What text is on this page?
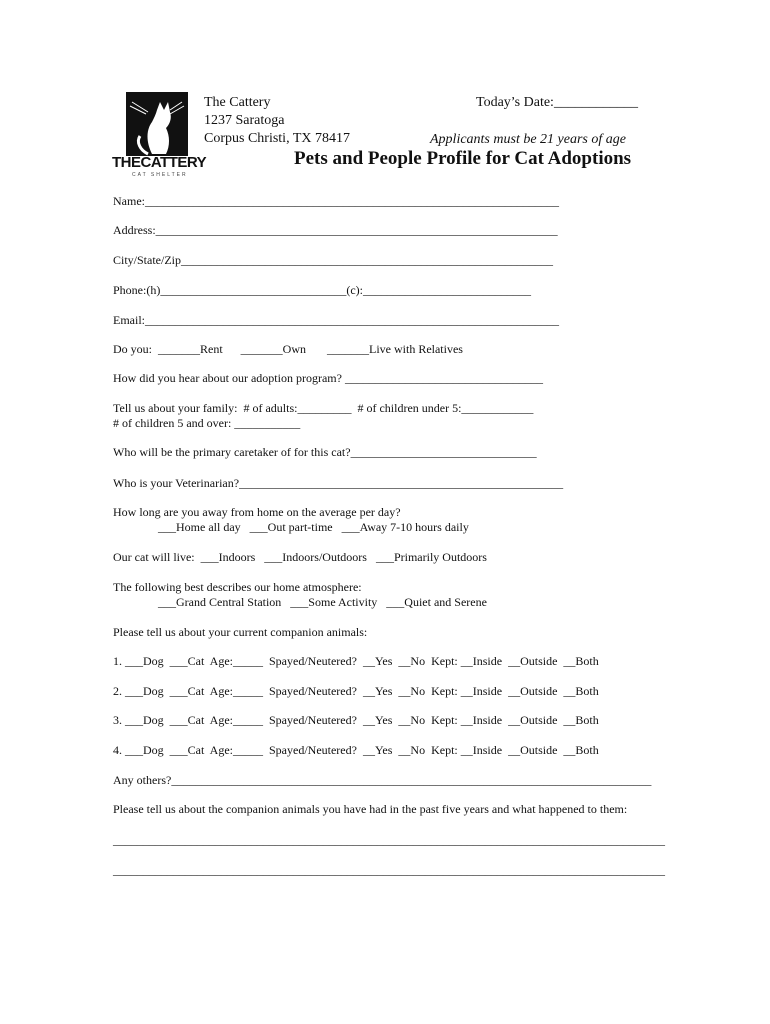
THECATTERY
CAT SHELTER
The Cattery
1237 Saratoga
Corpus Christi, TX 78417
Today’s Date:____________
Applicants must be 21 years of age
Pets and People Profile for Cat Adoptions
Name:_____________________________________________________________________
Address:___________________________________________________________________
City/State/Zip______________________________________________________________
Phone:(h)_______________________________(c):____________________________
Email:_____________________________________________________________________
Do you:  _______Rent      _______Own       _______Live with Relatives
How did you hear about our adoption program? _________________________________
Tell us about your family:  # of adults:_________  # of children under 5:____________
# of children 5 and over: ___________
Who will be the primary caretaker of for this cat?_______________________________
Who is your Veterinarian?______________________________________________________
How long are you away from home on the average per day?
___Home all day   ___Out part-time   ___Away 7-10 hours daily
Our cat will live:  ___Indoors   ___Indoors/Outdoors   ___Primarily Outdoors
The following best describes our home atmosphere:
___Grand Central Station   ___Some Activity   ___Quiet and Serene
Please tell us about your current companion animals:
1. ___Dog  ___Cat  Age:_____  Spayed/Neutered?  __Yes  __No  Kept: __Inside  __Outside  __Both
2. ___Dog  ___Cat  Age:_____  Spayed/Neutered?  __Yes  __No  Kept: __Inside  __Outside  __Both
3. ___Dog  ___Cat  Age:_____  Spayed/Neutered?  __Yes  __No  Kept: __Inside  __Outside  __Both
4. ___Dog  ___Cat  Age:_____  Spayed/Neutered?  __Yes  __No  Kept: __Inside  __Outside  __Both
Any others?________________________________________________________________________________
Please tell us about the companion animals you have had in the past five years and what happened to them:
____________________________________________________________________________________________
____________________________________________________________________________________________
